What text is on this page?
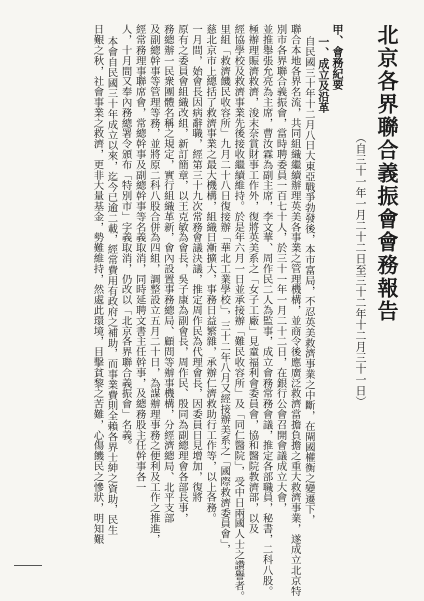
北京各界聯合義振會會務報告
（自三十一年一月二十二日至三十二年十二月三十一日）
甲、會務紀要
一、成立及沿革
自民國三十年十二月八日大東亞戰爭勃發後，本市富局，不忍英美救濟事業之中斷，在閘國權衡之變遷下，
聯合本地各界名流，共同組織繼續辦理英美各事業之管理機構，並商令後應廣泛救濟當擔負擔之重大救濟事業，遂成立北京特
別市各界聯合義振會，當時聘委員一百七十人，於三十一年一月二十二日，在銀行公會召開會議成立大會，
並推舉張允亮為主席，曹汝霖為副主席，李文華、周作民二人為監事，成立會務常務會議，推定各部職員，秘書，二科八股。
極辦理賑濟救濟，浚末奈賞財事工作外，復將英美系之「女子工廠」見童福利會委員會，協和醫院教濟部，以及
經協學校及救濟事業先後接收繼續維持。於是年六月一日並承接辦「難民收容所」及「同仁醫院」，受中日兩國人士之讚譽者。
里組「救濟饑民收容所」九月二十八日復接辦「華北工業學校」，三十二年八月又經接辦美系之「國際救濟委員會」，
慈北京市上總括了救濟事業之最大機構，組織日漸擴大，事務日益繁雜，承辦仁濟救助行工作等，以上各務。
一月間，始會長因病辭職，經第三十九次常務會議決議，推定周作民為代理會長，因委員日見增加，復將
原有之委員會組織改組，新訂簡章，以王克敏為會長，吳子康為副會長，周作民、殷同為副總理會各部長事，
務總辦一民衆團體名稱之規定，實行組織革新，會內設置事務總局、顧問等辦事機構，分經濟總局、北平支部
及副總幹事等管理等務，並將原二科八股合併為四組，調整設立五月二十日，為謀辦理事務之便利及工作之推進，
經常務理事聯席會，常總幹事及副總幹事等名義取消，同時延聘文書主任幹事，及總務股主任幹事各一
人，十月間又奉內務總署令頒布「特別市」字義取消，仍改以「北京各界聯合義振會」名義。
本會自民國三十年成立以來，迄今已逾二載，經常費用有政府之補助，而事業費則全賴各界士紳之資助，民生
日艱之秋，社會事業之救濟，更非大量基金，勢難維持，然處此環境，目擊貧黎之苦難，心傷饑民之慘狀，明知艱
